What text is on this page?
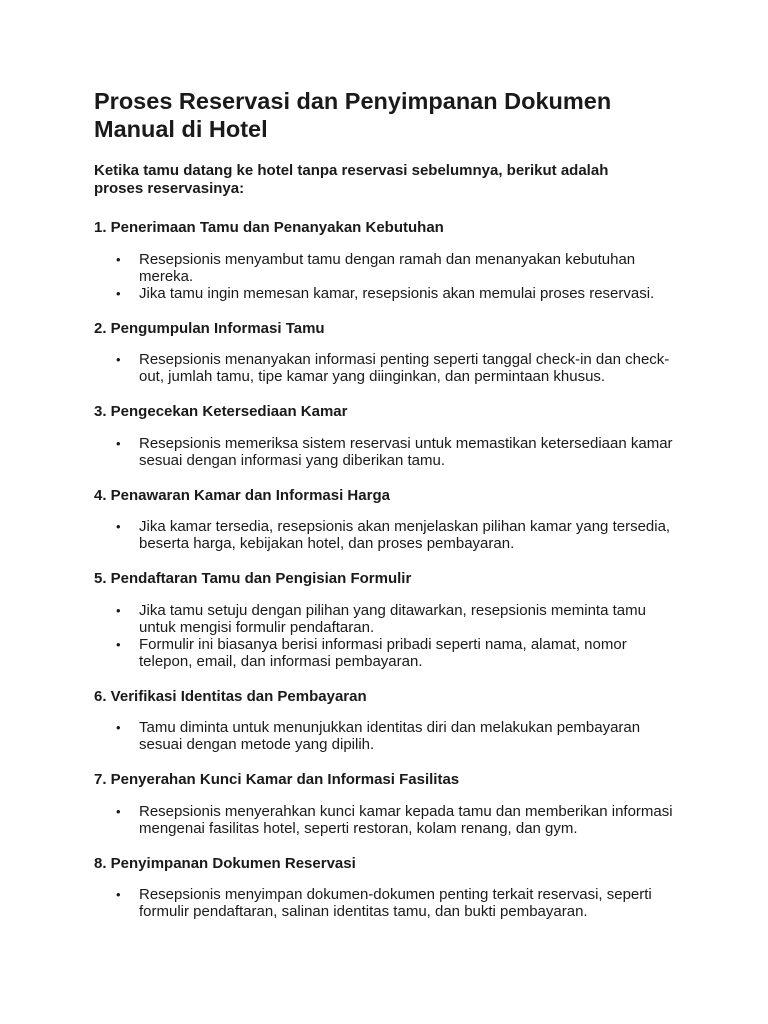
Proses Reservasi dan Penyimpanan Dokumen Manual di Hotel

Ketika tamu datang ke hotel tanpa reservasi sebelumnya, berikut adalah proses reservasinya:

1. Penerimaan Tamu dan Penanyakan Kebutuhan
• Resepsionis menyambut tamu dengan ramah dan menanyakan kebutuhan mereka.
• Jika tamu ingin memesan kamar, resepsionis akan memulai proses reservasi.
2. Pengumpulan Informasi Tamu
• Resepsionis menanyakan informasi penting seperti tanggal check-in dan check-out, jumlah tamu, tipe kamar yang diinginkan, dan permintaan khusus.
3. Pengecekan Ketersediaan Kamar
• Resepsionis memeriksa sistem reservasi untuk memastikan ketersediaan kamar sesuai dengan informasi yang diberikan tamu.
4. Penawaran Kamar dan Informasi Harga
• Jika kamar tersedia, resepsionis akan menjelaskan pilihan kamar yang tersedia, beserta harga, kebijakan hotel, dan proses pembayaran.
5. Pendaftaran Tamu dan Pengisian Formulir
• Jika tamu setuju dengan pilihan yang ditawarkan, resepsionis meminta tamu untuk mengisi formulir pendaftaran.
• Formulir ini biasanya berisi informasi pribadi seperti nama, alamat, nomor telepon, email, dan informasi pembayaran.
6. Verifikasi Identitas dan Pembayaran
• Tamu diminta untuk menunjukkan identitas diri dan melakukan pembayaran sesuai dengan metode yang dipilih.
7. Penyerahan Kunci Kamar dan Informasi Fasilitas
• Resepsionis menyerahkan kunci kamar kepada tamu dan memberikan informasi mengenai fasilitas hotel, seperti restoran, kolam renang, dan gym.
8. Penyimpanan Dokumen Reservasi
• Resepsionis menyimpan dokumen-dokumen penting terkait reservasi, seperti formulir pendaftaran, salinan identitas tamu, dan bukti pembayaran.
